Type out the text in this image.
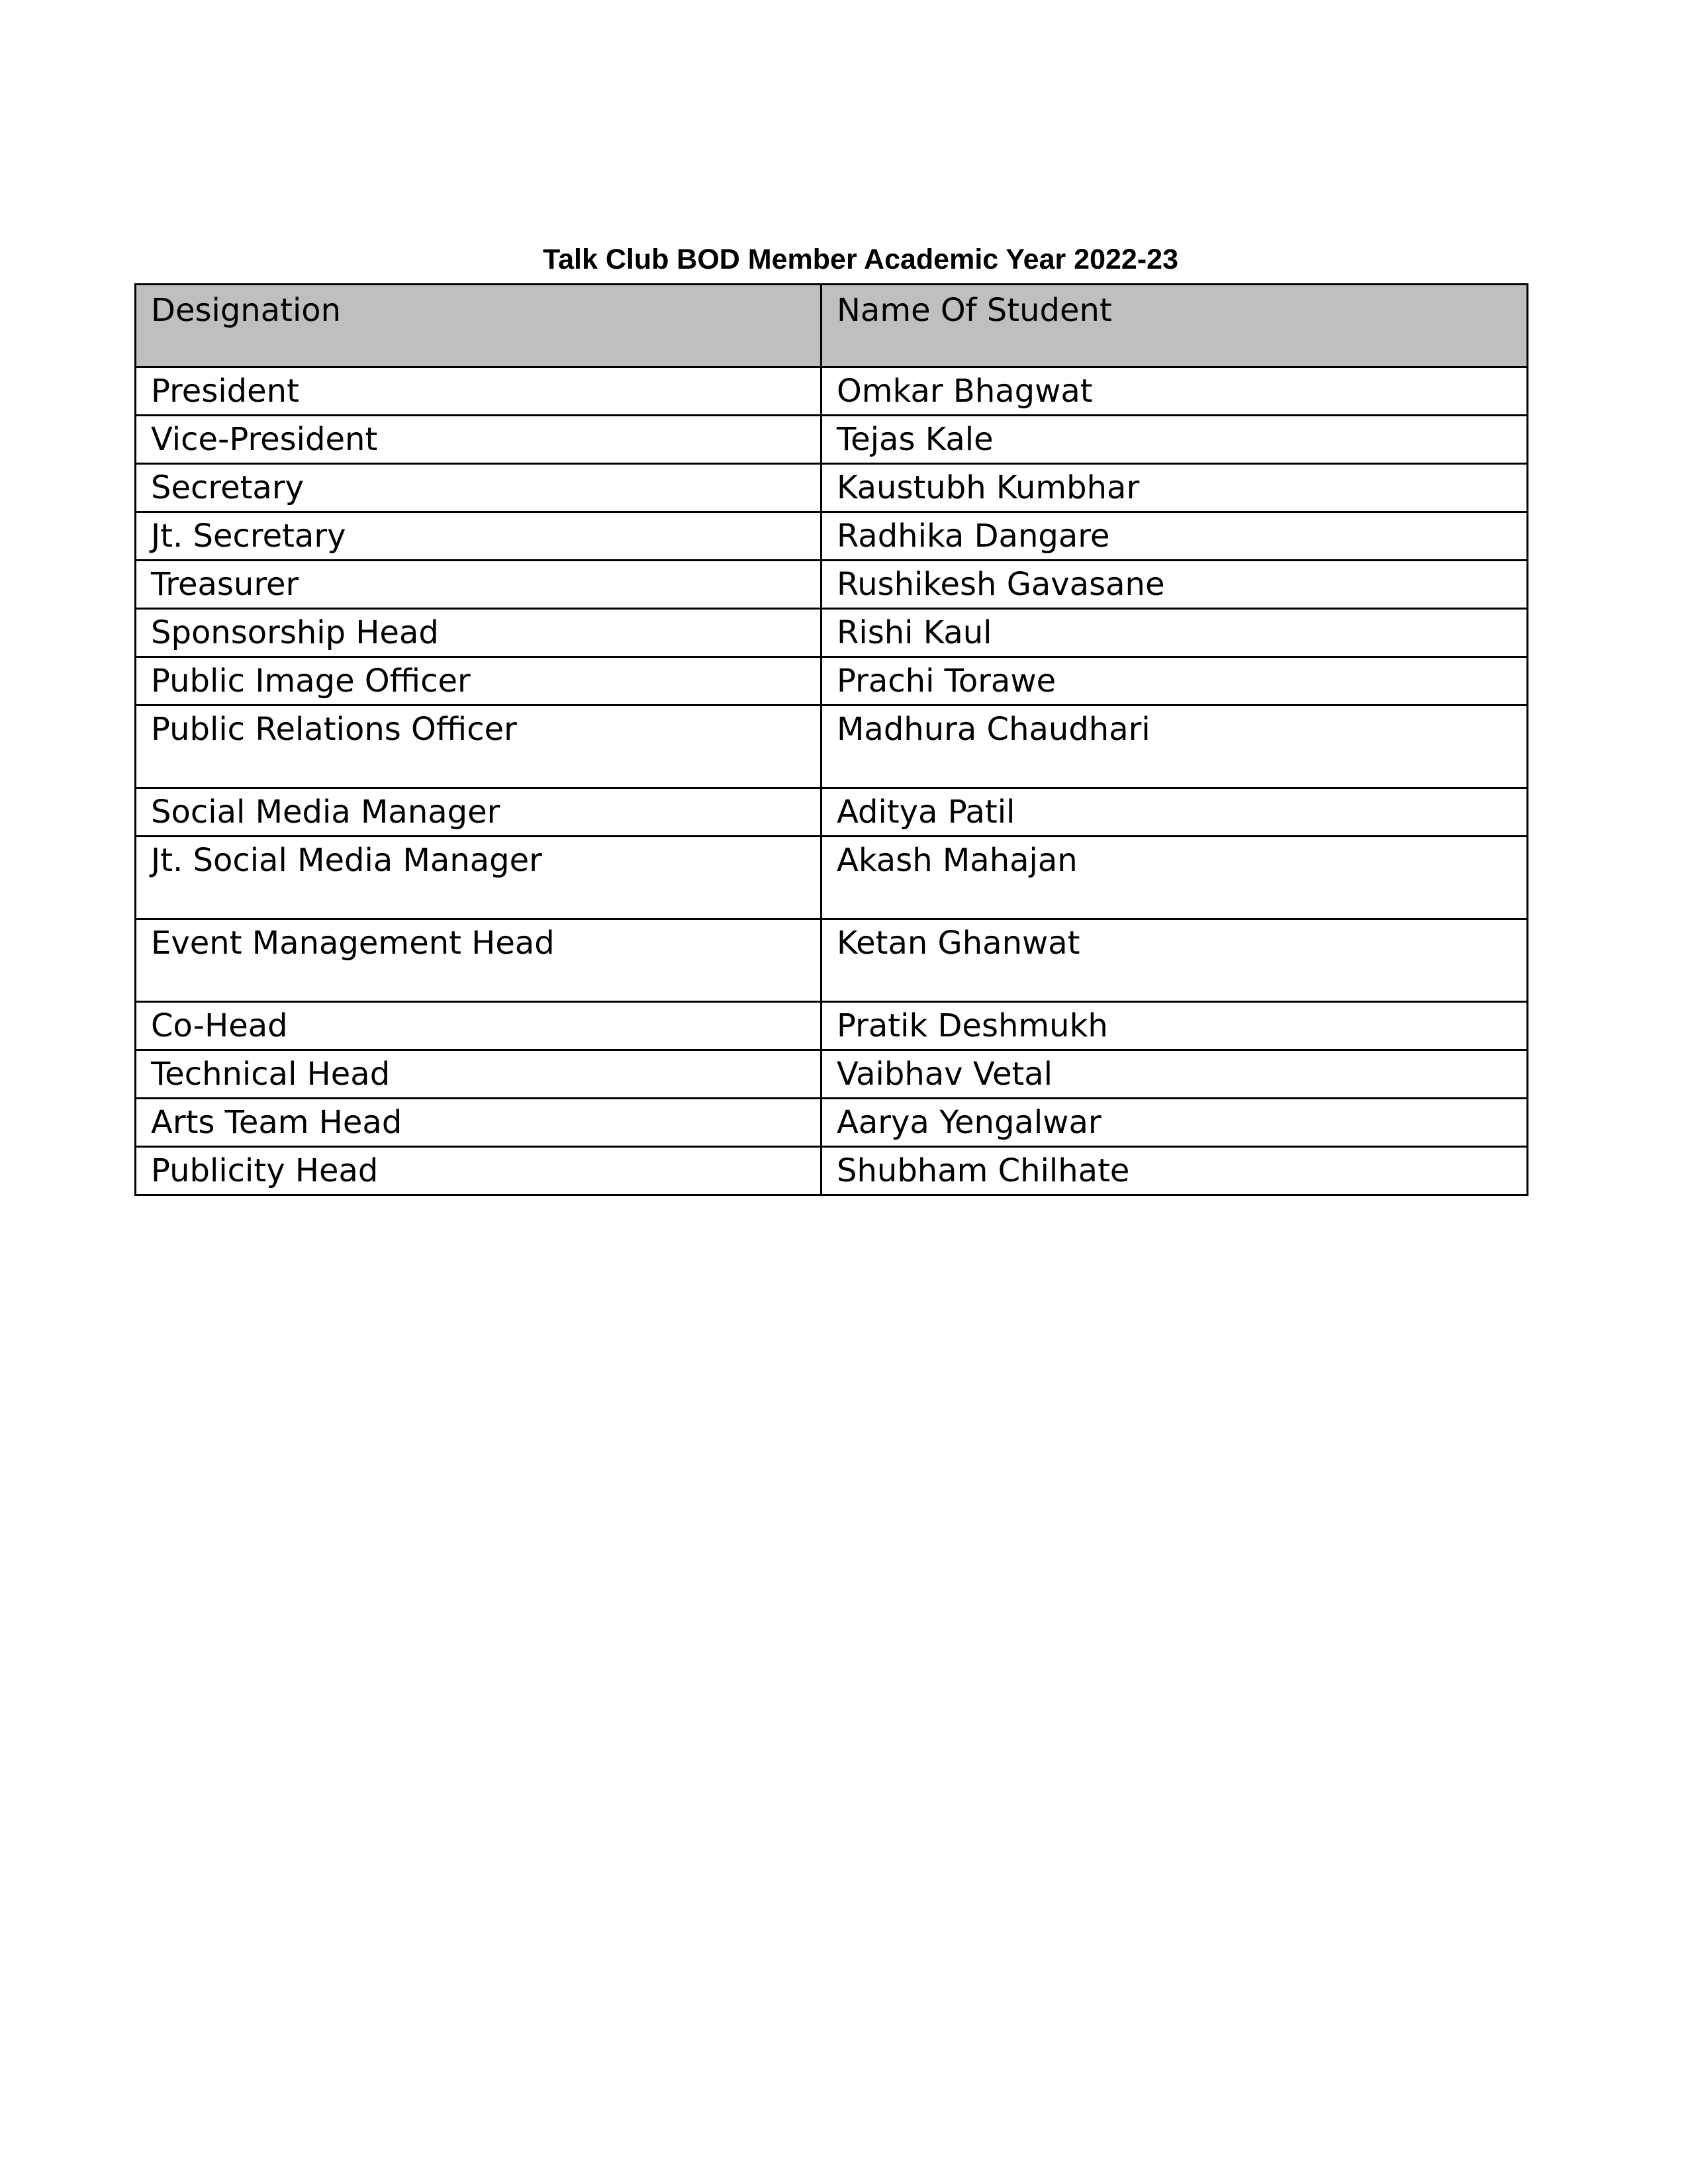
Talk Club BOD Member Academic Year 2022-23
Designation	Name Of Student
President	Omkar Bhagwat
Vice-President	Tejas Kale
Secretary	Kaustubh Kumbhar
Jt. Secretary	Radhika Dangare
Treasurer	Rushikesh Gavasane
Sponsorship Head	Rishi Kaul
Public Image Officer	Prachi Torawe
Public Relations Officer	Madhura Chaudhari
Social Media Manager	Aditya Patil
Jt. Social Media Manager	Akash Mahajan
Event Management Head	Ketan Ghanwat
Co-Head	Pratik Deshmukh
Technical Head	Vaibhav Vetal
Arts Team Head	Aarya Yengalwar
Publicity Head	Shubham Chilhate
